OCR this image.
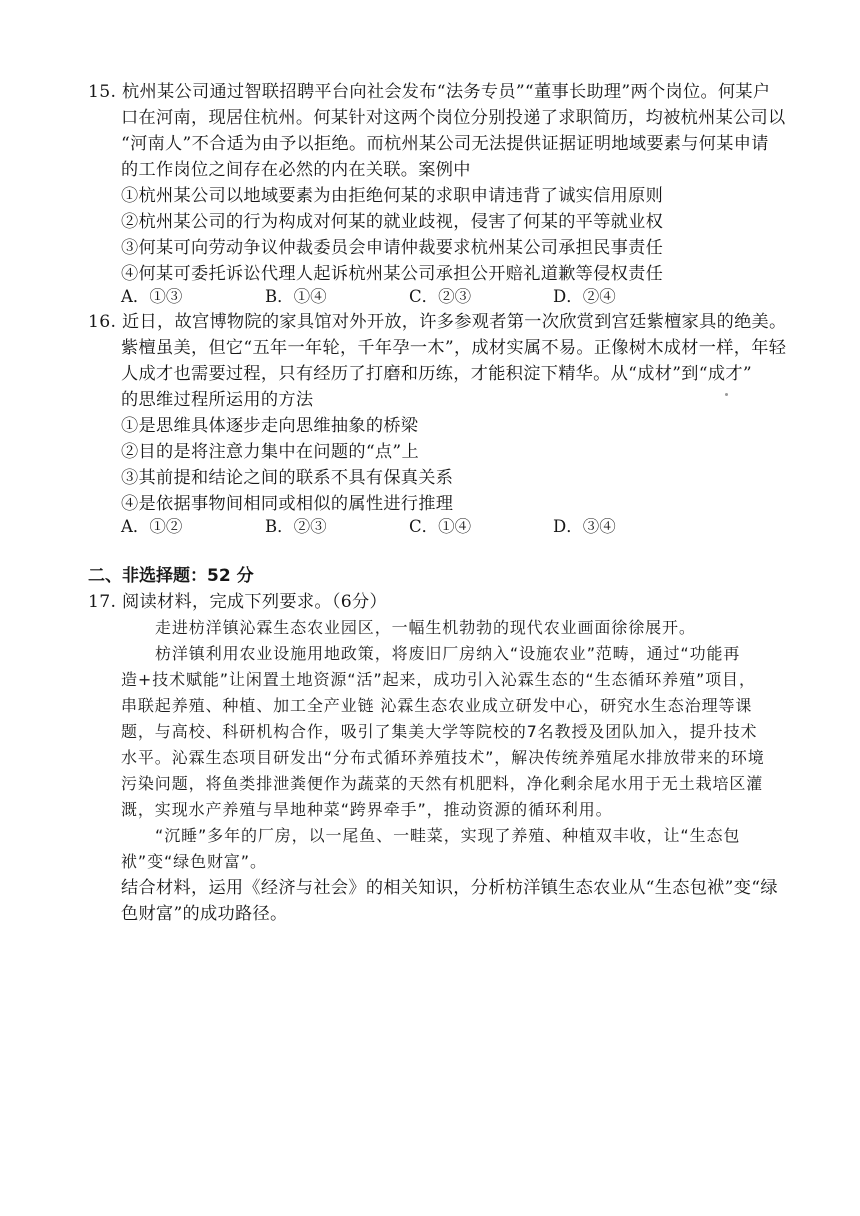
15. 杭州某公司通过智联招聘平台向社会发布“法务专员”“董事长助理”两个岗位。何某户
口在河南，现居住杭州。何某针对这两个岗位分别投递了求职简历，均被杭州某公司以
“河南人”不合适为由予以拒绝。而杭州某公司无法提供证据证明地域要素与何某申请
的工作岗位之间存在必然的内在关联。案例中
①杭州某公司以地域要素为由拒绝何某的求职申请违背了诚实信用原则
②杭州某公司的行为构成对何某的就业歧视，侵害了何某的平等就业权
③何某可向劳动争议仲裁委员会申请仲裁要求杭州某公司承担民事责任
④何某可委托诉讼代理人起诉杭州某公司承担公开赔礼道歉等侵权责任
A．①③	B．①④	C．②③	D．②④
16. 近日，故宫博物院的家具馆对外开放，许多参观者第一次欣赏到宫廷紫檀家具的绝美。
紫檀虽美，但它“五年一年轮，千年孕一木”，成材实属不易。正像树木成材一样，年轻
人成才也需要过程，只有经历了打磨和历练，才能积淀下精华。从“成材”到“成才”
的思维过程所运用的方法
①是思维具体逐步走向思维抽象的桥梁
②目的是将注意力集中在问题的“点”上
③其前提和结论之间的联系不具有保真关系
④是依据事物间相同或相似的属性进行推理
A．①②	B．②③	C．①④	D．③④
二、非选择题：52 分
17. 阅读材料，完成下列要求。（6分）
走进枋洋镇沁霖生态农业园区，一幅生机勃勃的现代农业画面徐徐展开。
枋洋镇利用农业设施用地政策，将废旧厂房纳入“设施农业”范畴，通过“功能再
造+技术赋能”让闲置土地资源“活”起来，成功引入沁霖生态的“生态循环养殖”项目，
串联起养殖、种植、加工全产业链 沁霖生态农业成立研发中心，研究水生态治理等课
题，与高校、科研机构合作，吸引了集美大学等院校的7名教授及团队加入，提升技术
水平。沁霖生态项目研发出“分布式循环养殖技术”，解决传统养殖尾水排放带来的环境
污染问题，将鱼类排泄粪便作为蔬菜的天然有机肥料，净化剩余尾水用于无土栽培区灌
溉，实现水产养殖与旱地种菜“跨界牵手”，推动资源的循环利用。
“沉睡”多年的厂房，以一尾鱼、一畦菜，实现了养殖、种植双丰收，让“生态包
袱”变“绿色财富”。
结合材料，运用《经济与社会》的相关知识，分析枋洋镇生态农业从“生态包袱”变“绿
色财富”的成功路径。
